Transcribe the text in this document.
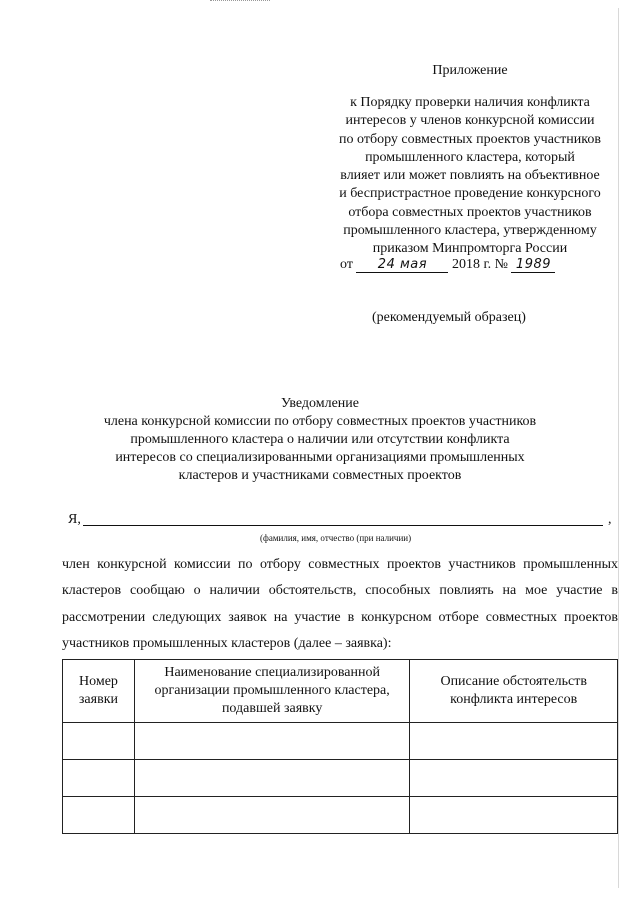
Приложение
к Порядку проверки наличия конфликта
интересов у членов конкурсной комиссии
по отбору совместных проектов участников
промышленного кластера, который
влияет или может повлиять на объективное
и беспристрастное проведение конкурсного
отбора совместных проектов участников
промышленного кластера, утвержденному
приказом Минпромторга России
от 24 мая 2018 г. № 1989
(рекомендуемый образец)
Уведомление
члена конкурсной комиссии по отбору совместных проектов участников
промышленного кластера о наличии или отсутствии конфликта
интересов со специализированными организациями промышленных
кластеров и участниками совместных проектов
Я,	,
(фамилия, имя, отчество (при наличии)
член конкурсной комиссии по отбору совместных проектов участников промышленных кластеров сообщаю о наличии обстоятельств, способных повлиять на мое участие в рассмотрении следующих заявок на участие в конкурсном отборе совместных проектов участников промышленных кластеров (далее – заявка):
Номер заявки	Наименование специализированной организации промышленного кластера, подавшей заявку	Описание обстоятельств конфликта интересов
